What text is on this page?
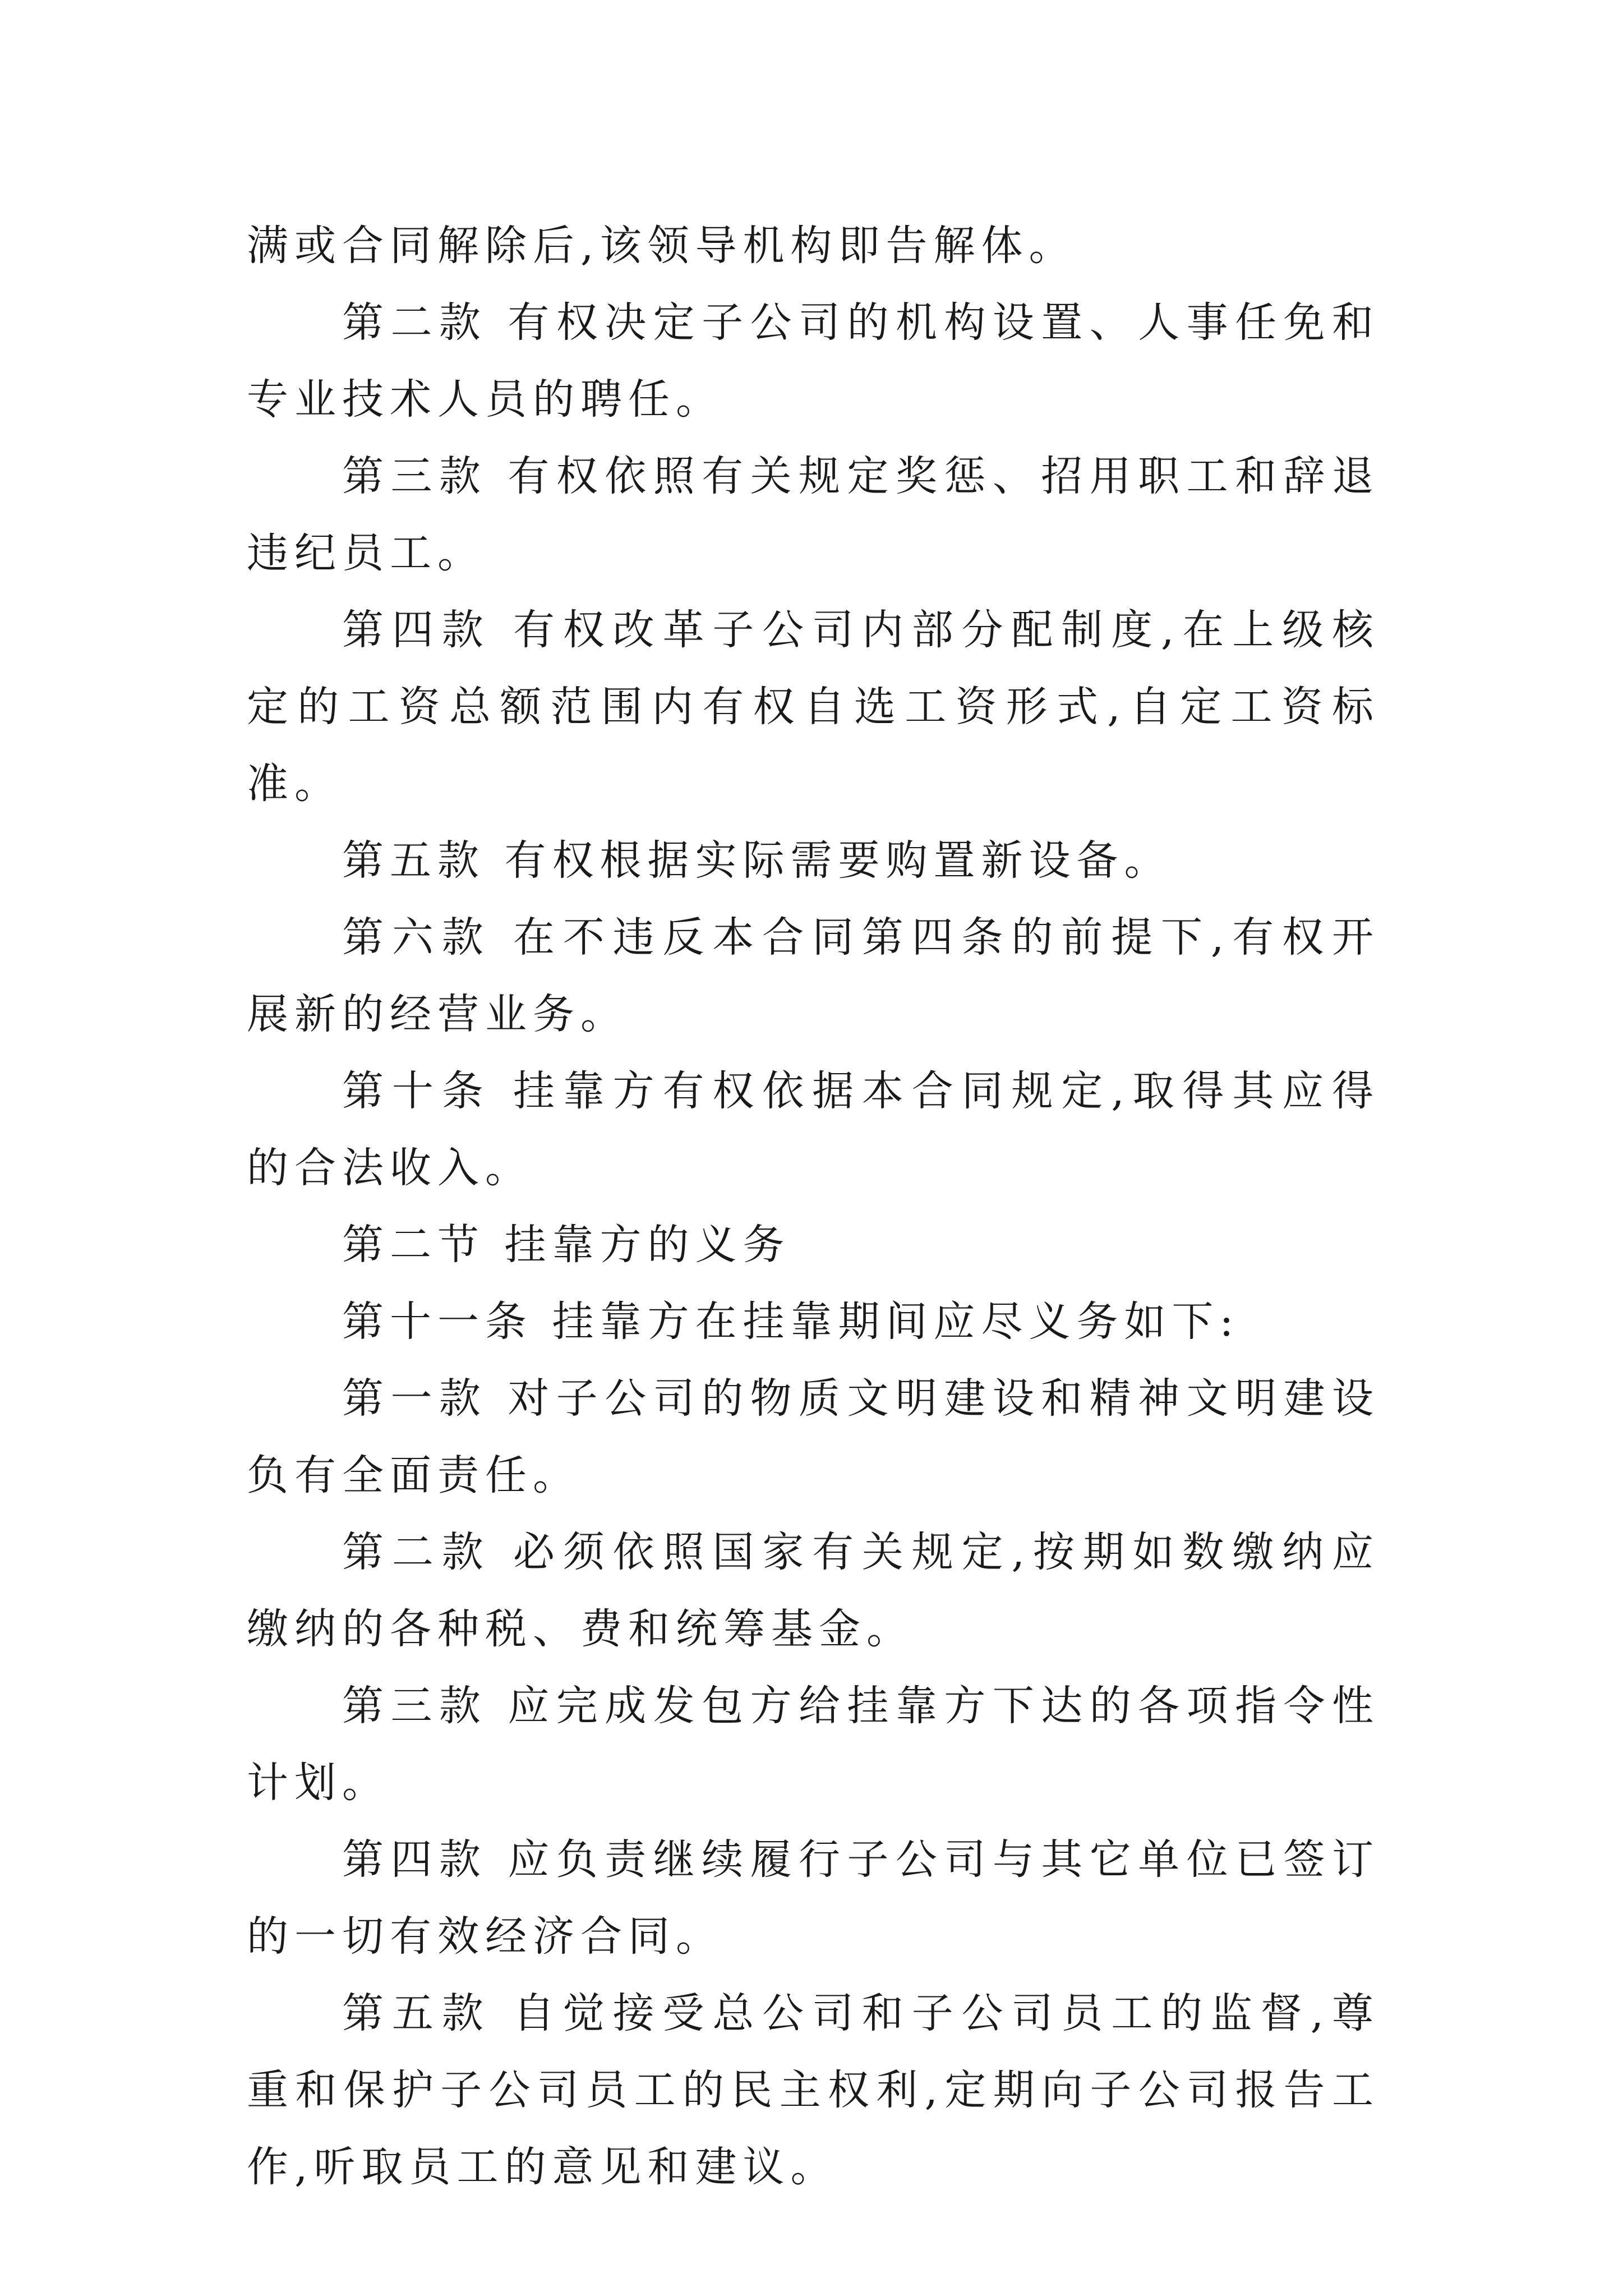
满或合同解除后,该领导机构即告解体。

第二款 有权决定子公司的机构设置、人事任免和专业技术人员的聘任。

第三款 有权依照有关规定奖惩、招用职工和辞退违纪员工。

第四款 有权改革子公司内部分配制度,在上级核定的工资总额范围内有权自选工资形式,自定工资标准。

第五款 有权根据实际需要购置新设备。

第六款 在不违反本合同第四条的前提下,有权开展新的经营业务。

第十条 挂靠方有权依据本合同规定,取得其应得的合法收入。

第二节 挂靠方的义务

第十一条 挂靠方在挂靠期间应尽义务如下:

第一款 对子公司的物质文明建设和精神文明建设负有全面责任。

第二款 必须依照国家有关规定,按期如数缴纳应缴纳的各种税、费和统筹基金。

第三款 应完成发包方给挂靠方下达的各项指令性计划。

第四款 应负责继续履行子公司与其它单位已签订的一切有效经济合同。

第五款 自觉接受总公司和子公司员工的监督,尊重和保护子公司员工的民主权利,定期向子公司报告工作,听取员工的意见和建议。
